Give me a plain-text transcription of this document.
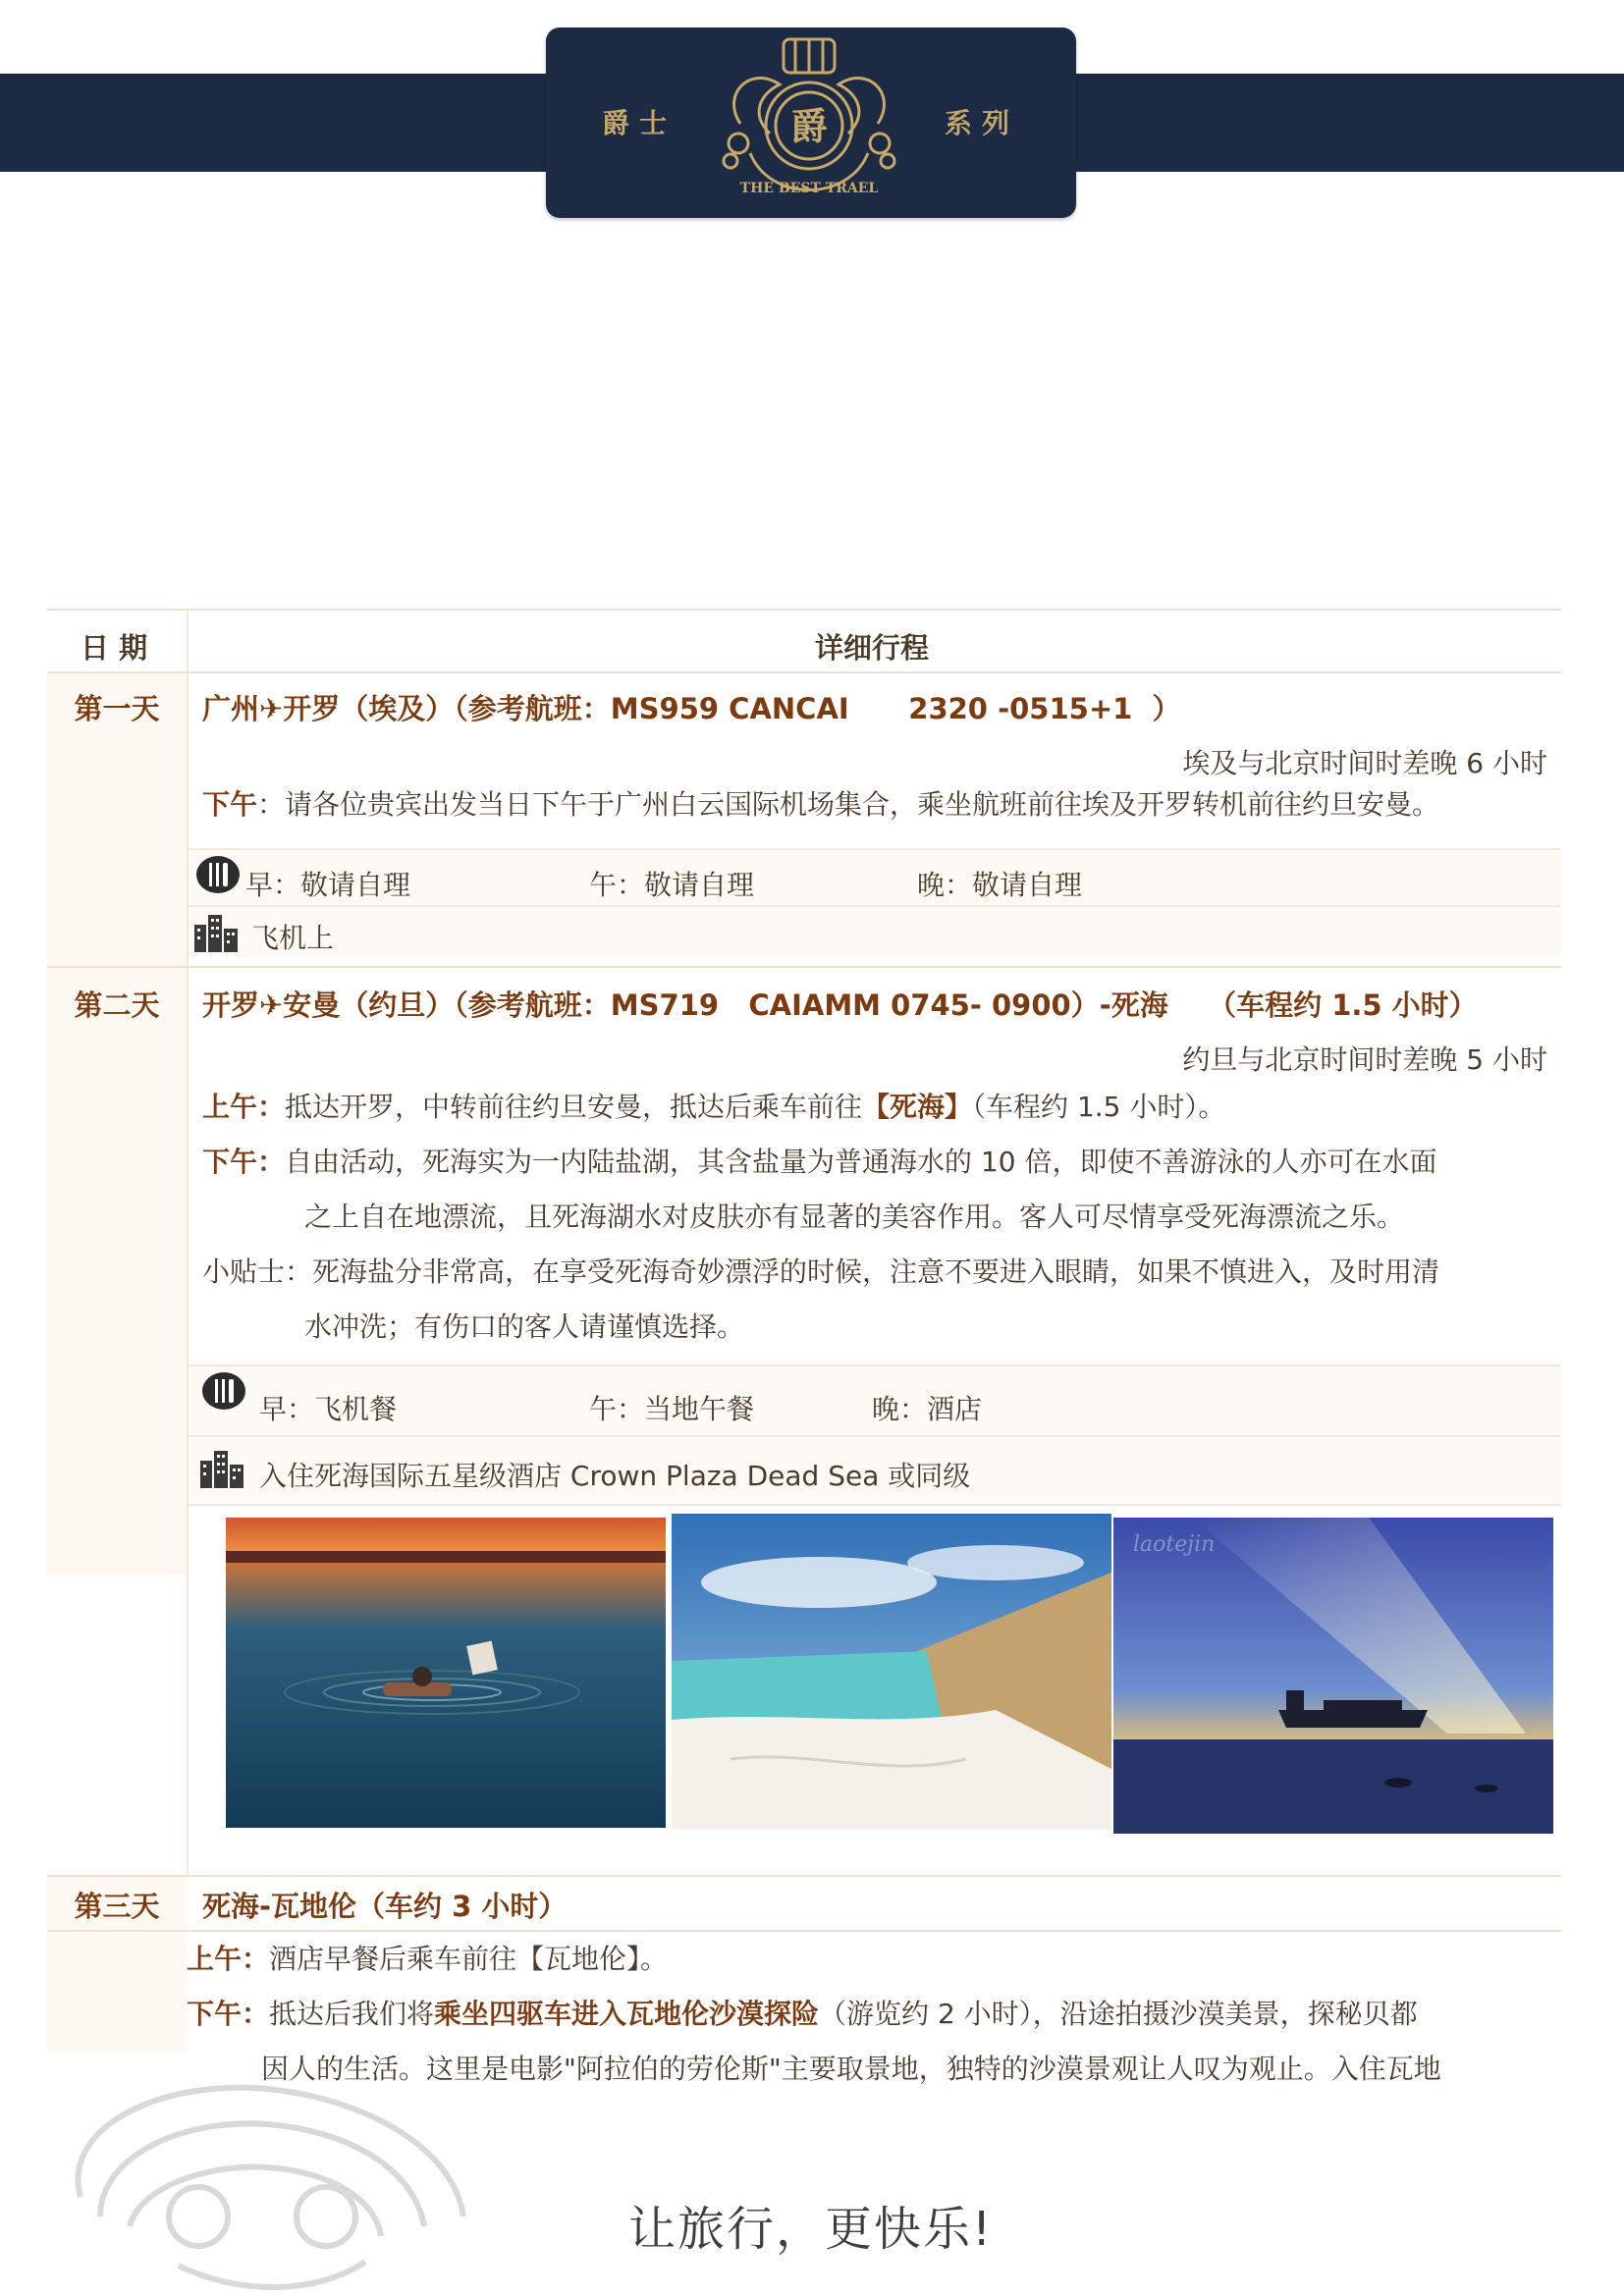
爵士	系列
爵
THE BEST TRAEL
日 期	详细行程
第一天	广州✈开罗（埃及）（参考航班：MS959 CANCAI      2320 -0515+1  ）
埃及与北京时间时差晚 6 小时
下午：请各位贵宾出发当日下午于广州白云国际机场集合，乘坐航班前往埃及开罗转机前往约旦安曼。
早：敬请自理	午：敬请自理	晚：敬请自理
飞机上
第二天	开罗✈安曼（约旦）（参考航班：MS719   CAIAMM 0745- 0900）-死海    （车程约 1.5 小时）
约旦与北京时间时差晚 5 小时
上午：抵达开罗，中转前往约旦安曼，抵达后乘车前往【死海】（车程约 1.5 小时）。
下午：自由活动，死海实为一内陆盐湖，其含盐量为普通海水的 10 倍，即使不善游泳的人亦可在水面
之上自在地漂流，且死海湖水对皮肤亦有显著的美容作用。客人可尽情享受死海漂流之乐。
小贴士：死海盐分非常高，在享受死海奇妙漂浮的时候，注意不要进入眼睛，如果不慎进入，及时用清
水冲洗；有伤口的客人请谨慎选择。
早：飞机餐	午：当地午餐	晚：酒店
入住死海国际五星级酒店 Crown Plaza Dead Sea 或同级
laotejin
第三天	死海-瓦地伦（车约 3 小时）
上午：酒店早餐后乘车前往【瓦地伦】。
下午：抵达后我们将乘坐四驱车进入瓦地伦沙漠探险（游览约 2 小时），沿途拍摄沙漠美景，探秘贝都
因人的生活。这里是电影"阿拉伯的劳伦斯"主要取景地，独特的沙漠景观让人叹为观止。入住瓦地
让旅行，更快乐!
